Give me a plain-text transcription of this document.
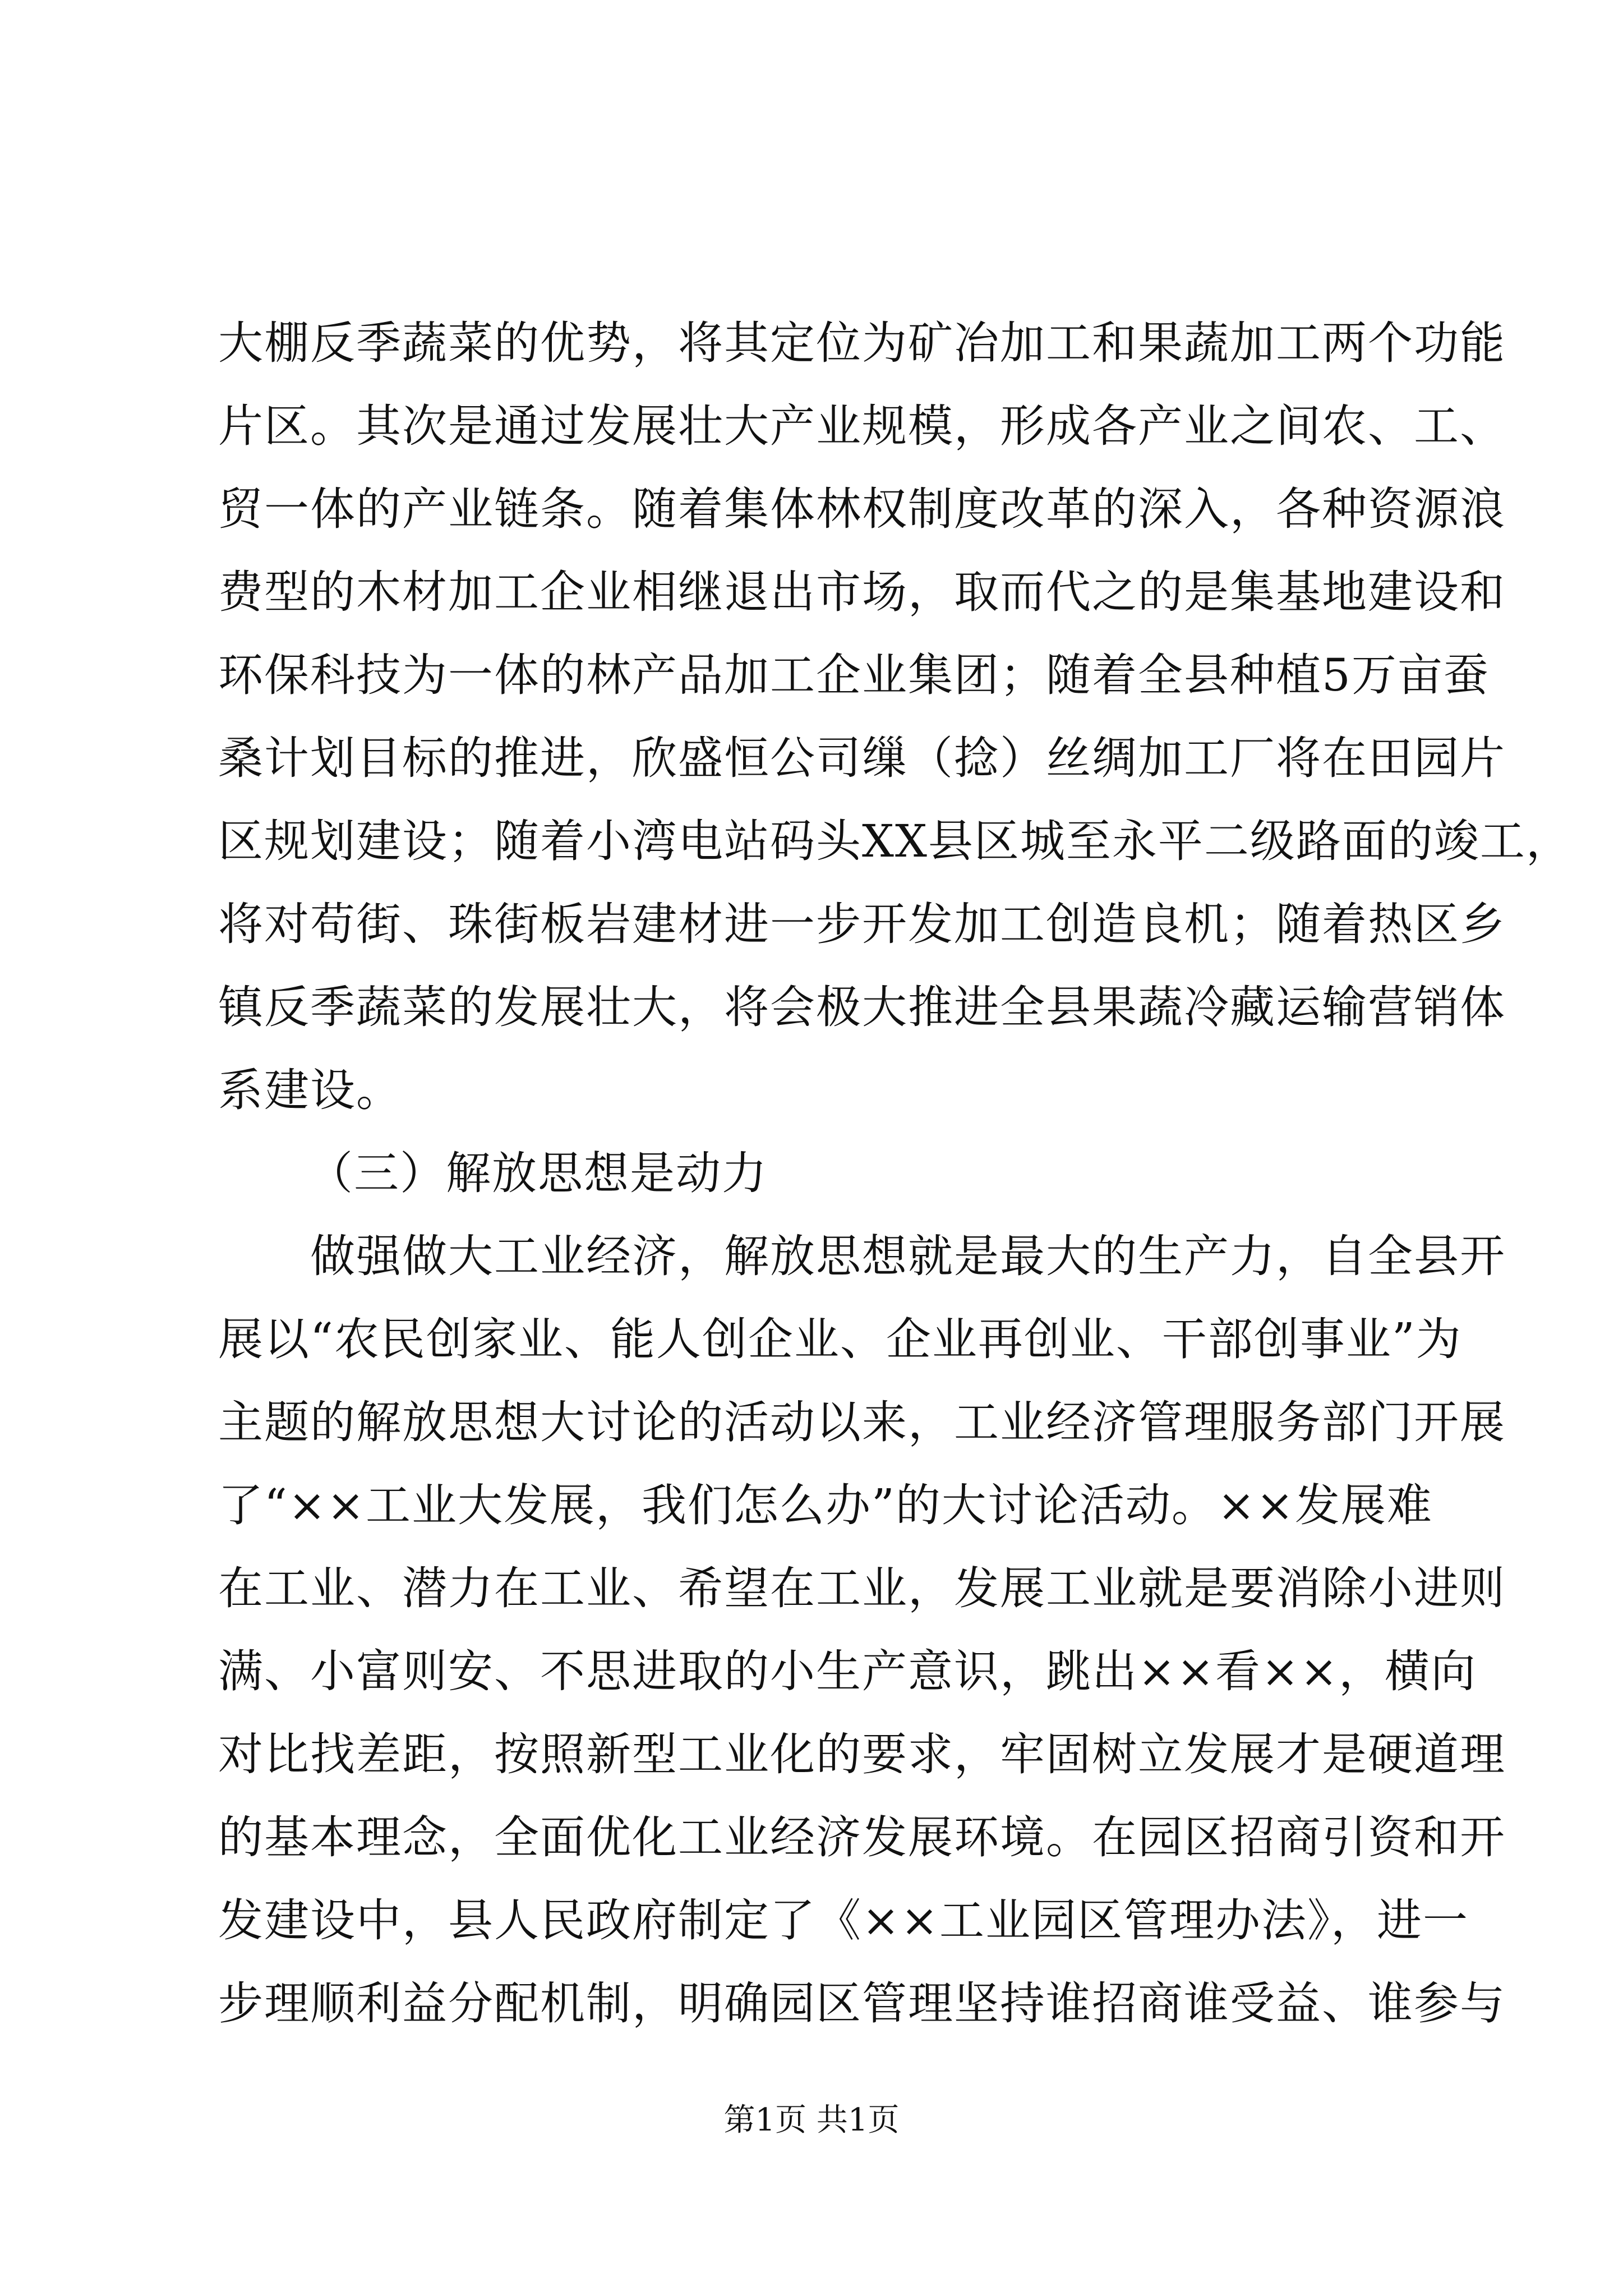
大棚反季蔬菜的优势，将其定位为矿冶加工和果蔬加工两个功能
片区。其次是通过发展壮大产业规模，形成各产业之间农、工、
贸一体的产业链条。随着集体林权制度改革的深入，各种资源浪
费型的木材加工企业相继退出市场，取而代之的是集基地建设和
环保科技为一体的林产品加工企业集团；随着全县种植5万亩蚕
桑计划目标的推进，欣盛恒公司缫（捻）丝绸加工厂将在田园片
区规划建设；随着小湾电站码头XX县区城至永平二级路面的竣工，
将对苟街、珠街板岩建材进一步开发加工创造良机；随着热区乡
镇反季蔬菜的发展壮大，将会极大推进全县果蔬冷藏运输营销体
系建设。
（三）解放思想是动力
　　做强做大工业经济，解放思想就是最大的生产力，自全县开
展以“农民创家业、能人创企业、企业再创业、干部创事业”为
主题的解放思想大讨论的活动以来，工业经济管理服务部门开展
了“××工业大发展，我们怎么办”的大讨论活动。××发展难
在工业、潜力在工业、希望在工业，发展工业就是要消除小进则
满、小富则安、不思进取的小生产意识，跳出××看××，横向
对比找差距，按照新型工业化的要求，牢固树立发展才是硬道理
的基本理念，全面优化工业经济发展环境。在园区招商引资和开
发建设中，县人民政府制定了《××工业园区管理办法》，进一
步理顺利益分配机制，明确园区管理坚持谁招商谁受益、谁参与
第1页 共1页
